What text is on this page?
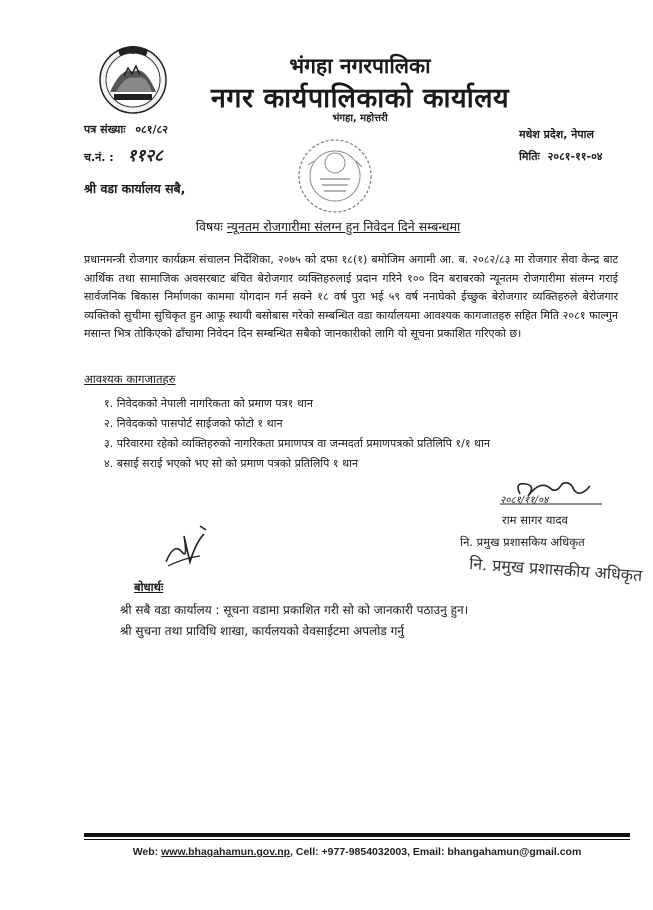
भंगहा नगरपालिका
नगर कार्यपालिकाको कार्यालय
भंगहा, महोत्तरी
पत्र संख्याः ०८१/८२
च.नं. : ११२८
मधेश प्रदेश, नेपाल
मितिः २०८१-११-०४
श्री वडा कार्यालय सबै,
विषयः न्यूनतम रोजगारीमा संलग्न हुन निवेदन दिने सम्बन्धमा
प्रधानमन्त्री रोजगार कार्यक्रम संचालन निर्देशिका, २०७५ को दफा १८(१) बमोजिम अगामी आ. ब. २०८२/८३ मा रोजगार सेवा केन्द्र बाट आर्थिक तथा सामाजिक अवसरबाट बंचित बेरोजगार व्यक्तिहरुलाई प्रदान गरिने १०० दिन बराबरको न्यूनतम रोजगारीमा संलग्न गराई सार्वजनिक बिकास निर्माणका काममा योगदान गर्न सक्ने १८ वर्ष पुरा भई ५९ वर्ष ननाघेको ईच्छुक बेरोजगार व्यक्तिहरुले बेरोजगार व्यक्तिको सुचीमा सुचिकृत हुन आफू स्थायी बसोबास गरेको सम्बन्धित वडा कार्यालयमा आवश्यक कागजातहरु सहित मिति २०८१ फाल्गुन मसान्त भित्र तोकिएको ढाँचामा निवेदन दिन सम्बन्धित सबैको जानकारीको लागि यो सूचना प्रकाशित गरिएको छ।
आवश्यक कागजातहरु
१. निवेदकको नेपाली नागरिकता को प्रमाण पत्र१ थान
२. निवेदकको पासपोर्ट साईजको फोटो १ थान
३. परिवारमा रहेको व्यक्तिहरुको नागरिकता प्रमाणपत्र वा जन्मदर्ता प्रमाणपत्रको प्रतिलिपि १/१ थान
४. बसाई सराई भएको भए सो को प्रमाण पत्रको प्रतिलिपि १ थान
२०८१/११/०४
राम सागर यादव
नि. प्रमुख प्रशासकिय अधिकृत
नि. प्रमुख प्रशासकीय अधिकृत
बोधार्थः
श्री सबै वडा कार्यालय : सूचना वडामा प्रकाशित गरी सो को जानकारी पठाउनु हुन।
श्री सुचना तथा प्राविधि शाखा, कार्यलयको वेवसाईटमा अपलोड गर्नु
Web: www.bhagahamun.gov.np, Cell: +977-9854032003, Email: bhangahamun@gmail.com
